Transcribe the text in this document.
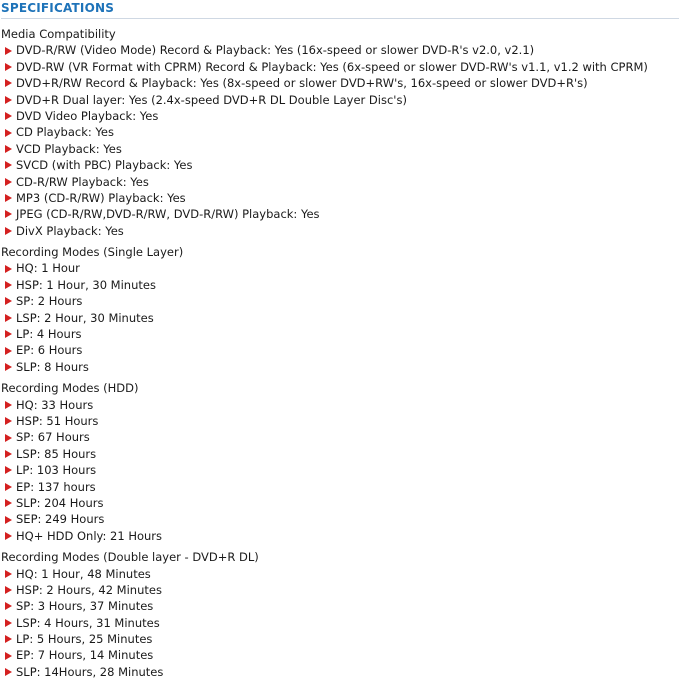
SPECIFICATIONS
Media Compatibility
DVD-R/RW (Video Mode) Record & Playback: Yes (16x-speed or slower DVD-R's v2.0, v2.1)
DVD-RW (VR Format with CPRM) Record & Playback: Yes (6x-speed or slower DVD-RW's v1.1, v1.2 with CPRM)
DVD+R/RW Record & Playback: Yes (8x-speed or slower DVD+RW's, 16x-speed or slower DVD+R's)
DVD+R Dual layer: Yes (2.4x-speed DVD+R DL Double Layer Disc's)
DVD Video Playback: Yes
CD Playback: Yes
VCD Playback: Yes
SVCD (with PBC) Playback: Yes
CD-R/RW Playback: Yes
MP3 (CD-R/RW) Playback: Yes
JPEG (CD-R/RW,DVD-R/RW, DVD-R/RW) Playback: Yes
DivX Playback: Yes
Recording Modes (Single Layer)
HQ: 1 Hour
HSP: 1 Hour, 30 Minutes
SP: 2 Hours
LSP: 2 Hour, 30 Minutes
LP: 4 Hours
EP: 6 Hours
SLP: 8 Hours
Recording Modes (HDD)
HQ: 33 Hours
HSP: 51 Hours
SP: 67 Hours
LSP: 85 Hours
LP: 103 Hours
EP: 137 hours
SLP: 204 Hours
SEP: 249 Hours
HQ+ HDD Only: 21 Hours
Recording Modes (Double layer - DVD+R DL)
HQ: 1 Hour, 48 Minutes
HSP: 2 Hours, 42 Minutes
SP: 3 Hours, 37 Minutes
LSP: 4 Hours, 31 Minutes
LP: 5 Hours, 25 Minutes
EP: 7 Hours, 14 Minutes
SLP: 14Hours, 28 Minutes
